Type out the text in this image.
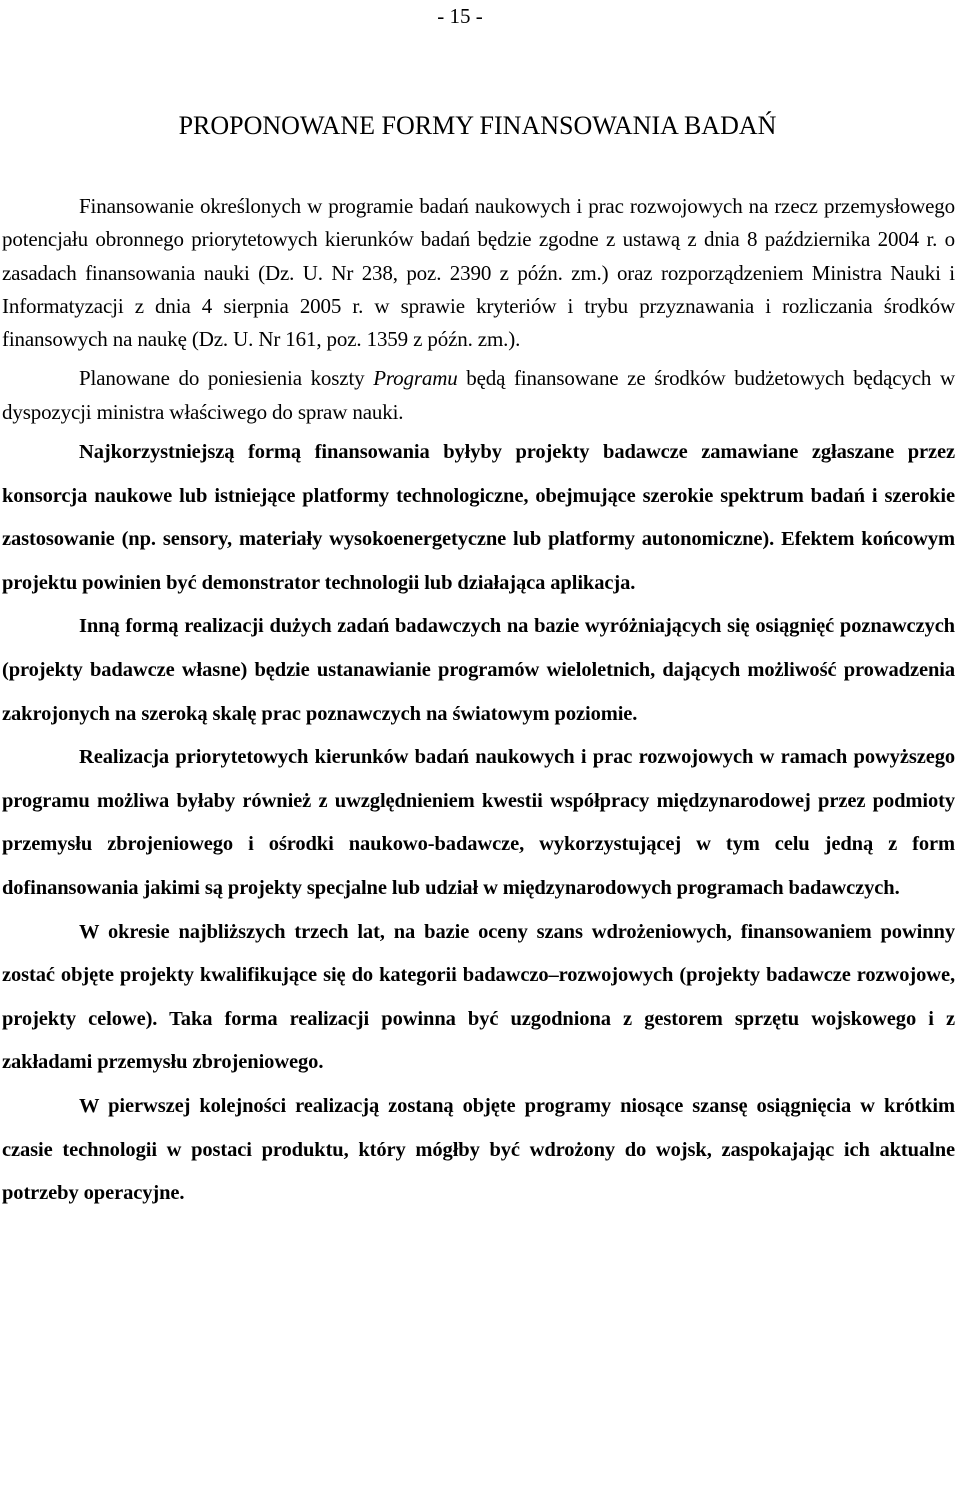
- 15 -
PROPONOWANE FORMY FINANSOWANIA BADAŃ

Finansowanie określonych w programie badań naukowych i prac rozwojowych na rzecz przemysłowego potencjału obronnego priorytetowych kierunków badań będzie zgodne z ustawą z dnia 8 października 2004 r. o zasadach finansowania nauki (Dz. U. Nr 238, poz. 2390 z późn. zm.) oraz rozporządzeniem Ministra Nauki i Informatyzacji z dnia 4 sierpnia 2005 r. w sprawie kryteriów i trybu przyznawania i rozliczania środków finansowych na naukę (Dz. U. Nr 161, poz. 1359 z późn. zm.).

Planowane do poniesienia koszty Programu będą finansowane ze środków budżetowych będących w dyspozycji ministra właściwego do spraw nauki.

Najkorzystniejszą formą finansowania byłyby projekty badawcze zamawiane zgłaszane przez konsorcja naukowe lub istniejące platformy technologiczne, obejmujące szerokie spektrum badań i szerokie zastosowanie (np. sensory, materiały wysokoenergetyczne lub platformy autonomiczne). Efektem końcowym projektu powinien być demonstrator technologii lub działająca aplikacja.

Inną formą realizacji dużych zadań badawczych na bazie wyróżniających się osiągnięć poznawczych (projekty badawcze własne) będzie ustanawianie programów wieloletnich, dających możliwość prowadzenia zakrojonych na szeroką skalę prac poznawczych na światowym poziomie.

Realizacja priorytetowych kierunków badań naukowych i prac rozwojowych w ramach powyższego programu możliwa byłaby również z uwzględnieniem kwestii współpracy międzynarodowej przez podmioty przemysłu zbrojeniowego i ośrodki naukowo-badawcze, wykorzystującej w tym celu jedną z form dofinansowania jakimi są projekty specjalne lub udział w międzynarodowych programach badawczych.

W okresie najbliższych trzech lat, na bazie oceny szans wdrożeniowych, finansowaniem powinny zostać objęte projekty kwalifikujące się do kategorii badawczo–rozwojowych (projekty badawcze rozwojowe, projekty celowe). Taka forma realizacji powinna być uzgodniona z gestorem sprzętu wojskowego i z zakładami przemysłu zbrojeniowego.

W pierwszej kolejności realizacją zostaną objęte programy niosące szansę osiągnięcia w krótkim czasie technologii w postaci produktu, który mógłby być wdrożony do wojsk, zaspokajając ich aktualne potrzeby operacyjne.
